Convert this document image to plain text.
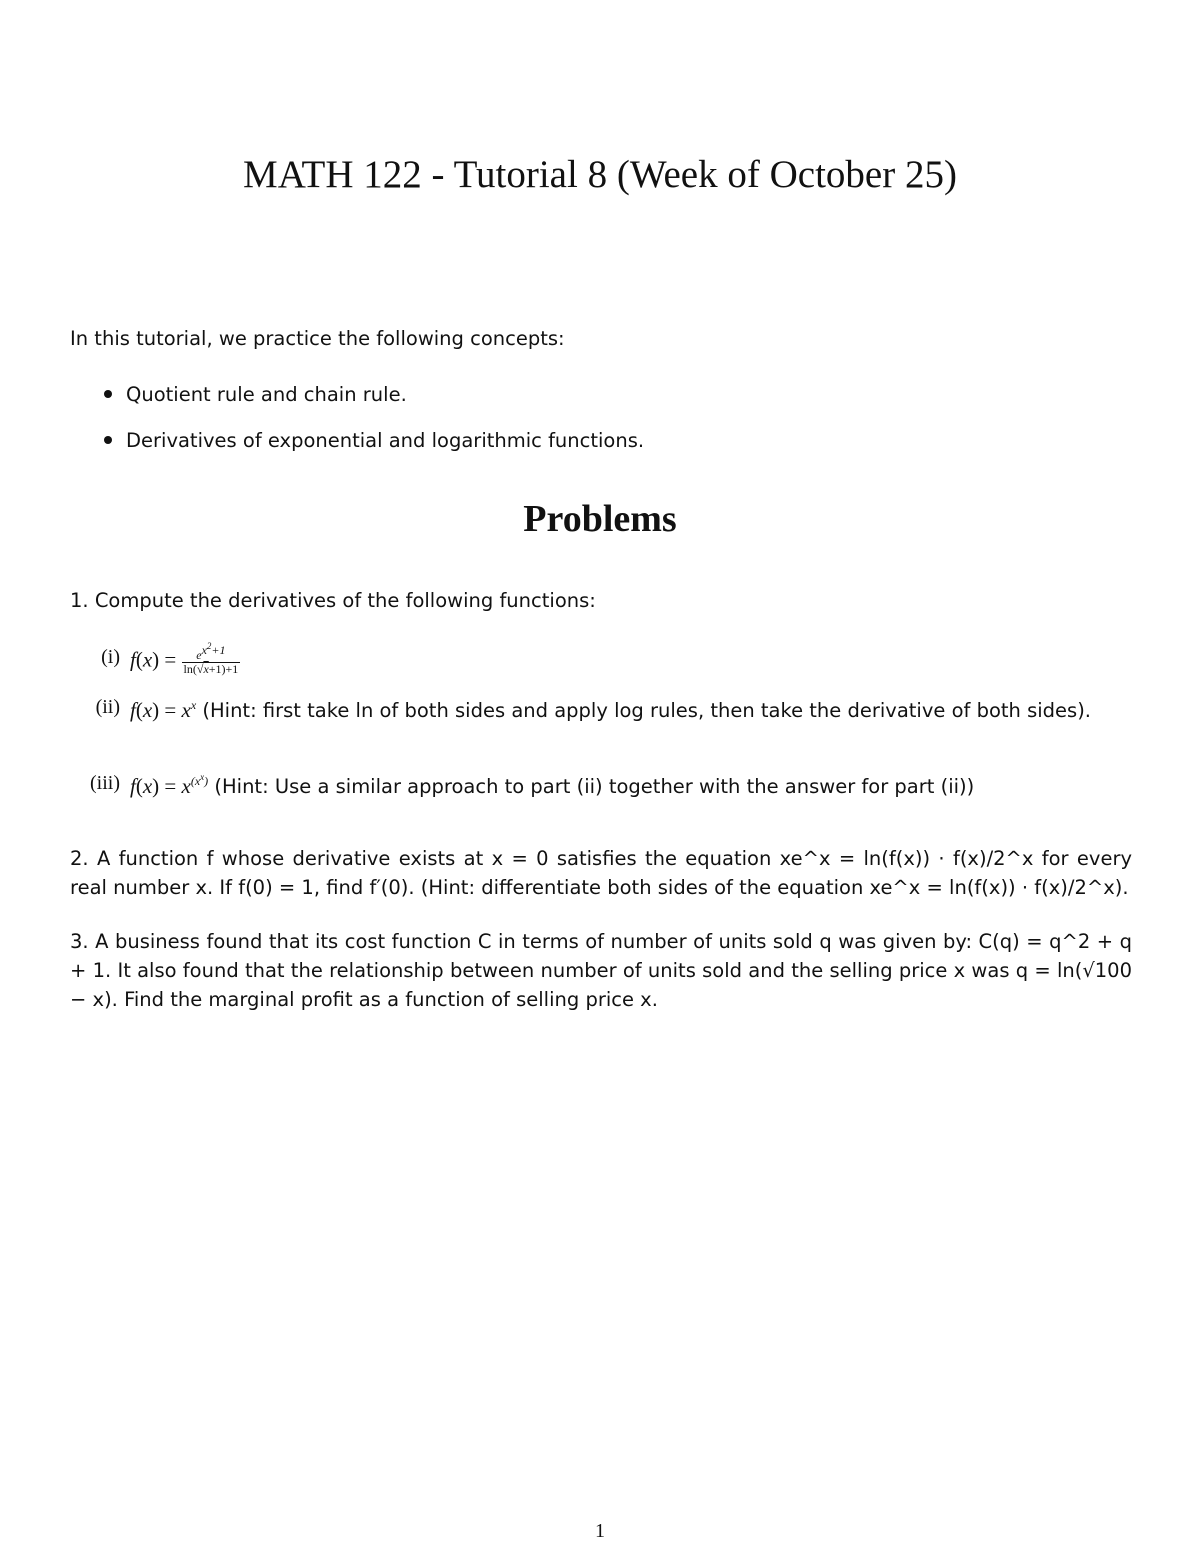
MATH 122 - Tutorial 8 (Week of October 25)
In this tutorial, we practice the following concepts:
Quotient rule and chain rule.
Derivatives of exponential and logarithmic functions.
Problems
1. Compute the derivatives of the following functions:
(i) $f(x) = \frac{e^{x^2+1}}{\ln(√x+1)+1}$
(ii) $f(x) = x^x$ (Hint: first take ln of both sides and apply log rules, then take the derivative of both sides).
(iii) $f(x) = x^{(x^x)}$ (Hint: Use a similar approach to part (ii) together with the answer for part (ii))
2. A function f whose derivative exists at x = 0 satisfies the equation xe^x = ln(f(x)) · f(x)/2^x for every real number x. If f(0) = 1, find f′(0). (Hint: differentiate both sides of the equation xe^x = ln(f(x)) · f(x)/2^x).
3. A business found that its cost function C in terms of number of units sold q was given by: C(q) = q^2 + q + 1. It also found that the relationship between number of units sold and the selling price x was q = ln(√100 − x). Find the marginal profit as a function of selling price x.
1
